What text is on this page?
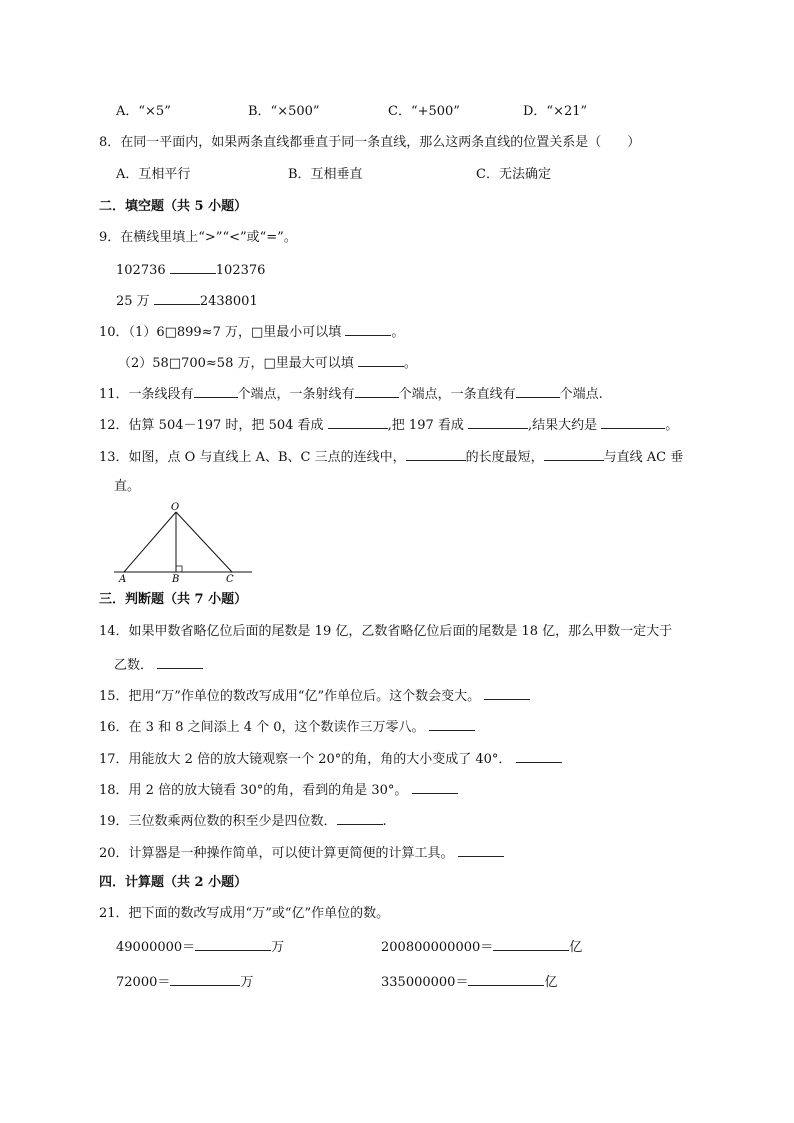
A．“×5”	B．“×500”	C．“+500”	D．“×21”
8．在同一平面内，如果两条直线都垂直于同一条直线，那么这两条直线的位置关系是（　　）
A．互相平行	B．互相垂直	C．无法确定
二．填空题（共 5 小题）
9．在横线里填上“>”“<”或“=”。
102736	102376
25 万	2438001
10．（1）6□899≈7 万，□里最小可以填	。
（2）58□700≈58 万，□里最大可以填	。
11．一条线段有	个端点，一条射线有	个端点，一条直线有	个端点.
12．估算 504－197 时，把 504 看成	,把 197 看成	,结果大约是	。
13．如图，点 O 与直线上 A、B、C 三点的连线中，	的长度最短，	与直线 AC 垂
直。
O
A	B	C
三．判断题（共 7 小题）
14．如果甲数省略亿位后面的尾数是 19 亿，乙数省略亿位后面的尾数是 18 亿，那么甲数一定大于
乙数．
15．把用“万”作单位的数改写成用“亿”作单位后。这个数会变大。
16．在 3 和 8 之间添上 4 个 0，这个数读作三万零八。
17．用能放大 2 倍的放大镜观察一个 20°的角，角的大小变成了 40°．
18．用 2 倍的放大镜看 30°的角，看到的角是 30°。
19．三位数乘两位数的积至少是四位数．	.
20．计算器是一种操作简单，可以使计算更简便的计算工具。
四．计算题（共 2 小题）
21．把下面的数改写成用“万”或“亿”作单位的数。
49000000＝	万	200800000000＝	亿
72000＝	万	335000000＝	亿
